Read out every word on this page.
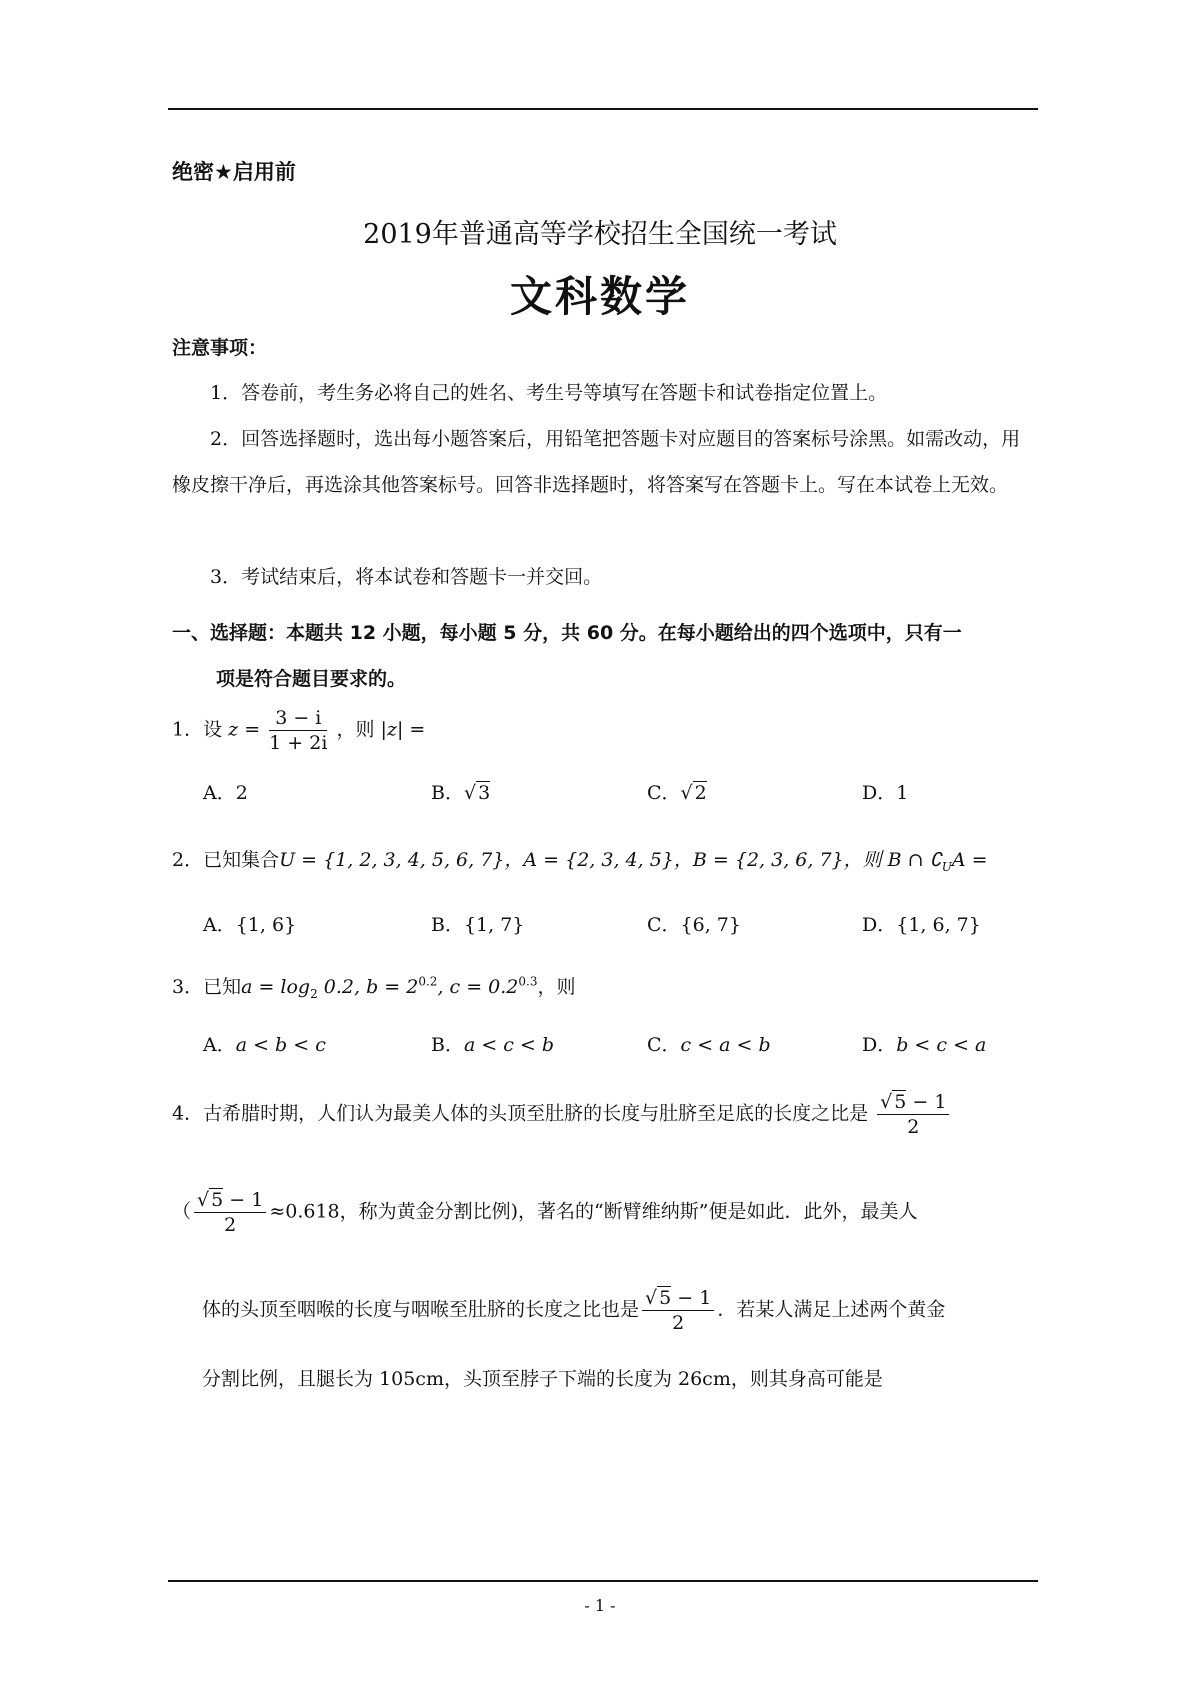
绝密★启用前
2019年普通高等学校招生全国统一考试
文科数学
注意事项：
1．答卷前，考生务必将自己的姓名、考生号等填写在答题卡和试卷指定位置上。
2．回答选择题时，选出每小题答案后，用铅笔把答题卡对应题目的答案标号涂黑。如需改动，用橡皮擦干净后，再选涂其他答案标号。回答非选择题时，将答案写在答题卡上。写在本试卷上无效。
3．考试结束后，将本试卷和答题卡一并交回。
一、选择题：本题共 12 小题，每小题 5 分，共 60 分。在每小题给出的四个选项中，只有一
项是符合题目要求的。
1．设 $z = \frac{3 - i}{1 + 2i}$ ，则 |z| =
A．2	B．√ 3	C．√ 2	D．1
2．已知集合U = {1, 2, 3, 4, 5, 6, 7}，A = {2, 3, 4, 5}，B = {2, 3, 6, 7}，则 B ∩ $∁_UA$ =
A．{1, 6}	B．{1, 7}	C．{6, 7}	D．{1, 6, 7}
3．已知$a = \log_2 0.2$, $b = 2^{0.2}$, $c = 0.2^{0.3}$，则
A．a < b < c	B．a < c < b	C．c < a < b	D．b < c < a
4．古希腊时期，人们认为最美人体的头顶至肚脐的长度与肚脐至足底的长度之比是 $\frac{√ 5 - 1}{2}$
（ $\frac{√ 5 - 1}{2} \approx 0.618$，称为黄金分割比例)，著名的“断臂维纳斯”便是如此．此外，最美人
体的头顶至咽喉的长度与咽喉至肚脐的长度之比也是 $\frac{√ 5 - 1}{2}$ ．若某人满足上述两个黄金
分割比例，且腿长为 105cm，头顶至脖子下端的长度为 26cm，则其身高可能是
- 1 -
